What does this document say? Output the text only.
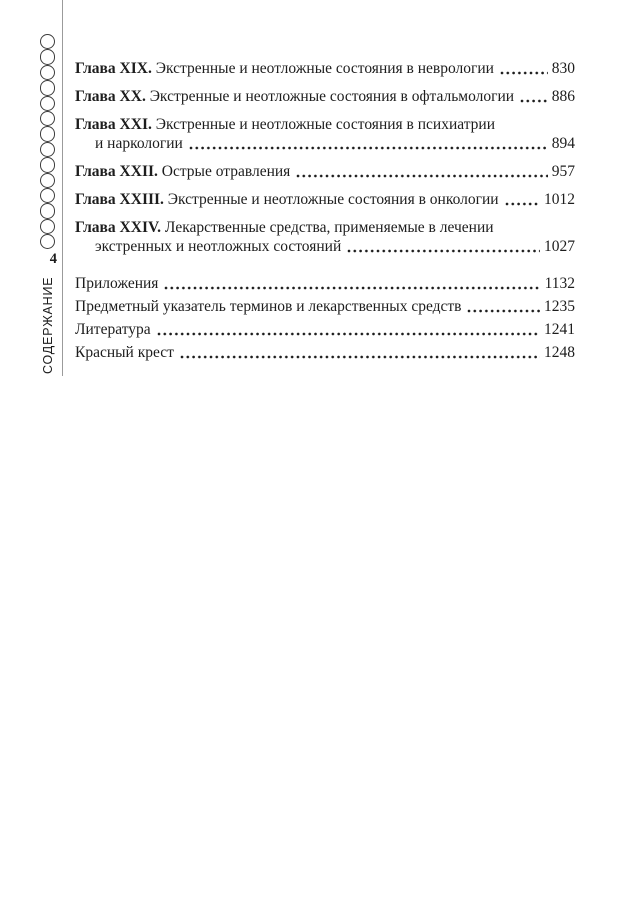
4
СОДЕРЖАНИЕ
Глава XIX. Экстренные и неотложные состояния в неврологии	830
Глава XX. Экстренные и неотложные состояния в офтальмологии 886
Глава XXI. Экстренные и неотложные состояния в психиатрии
и наркологии	894
Глава XXII. Острые отравления	957
Глава XXIII. Экстренные и неотложные состояния в онкологии	1012
Глава XXIV. Лекарственные средства, применяемые в лечении
экстренных и неотложных состояний	1027
Приложения	1132
Предметный указатель терминов и лекарственных средств	1235
Литература	1241
Красный крест	1248
